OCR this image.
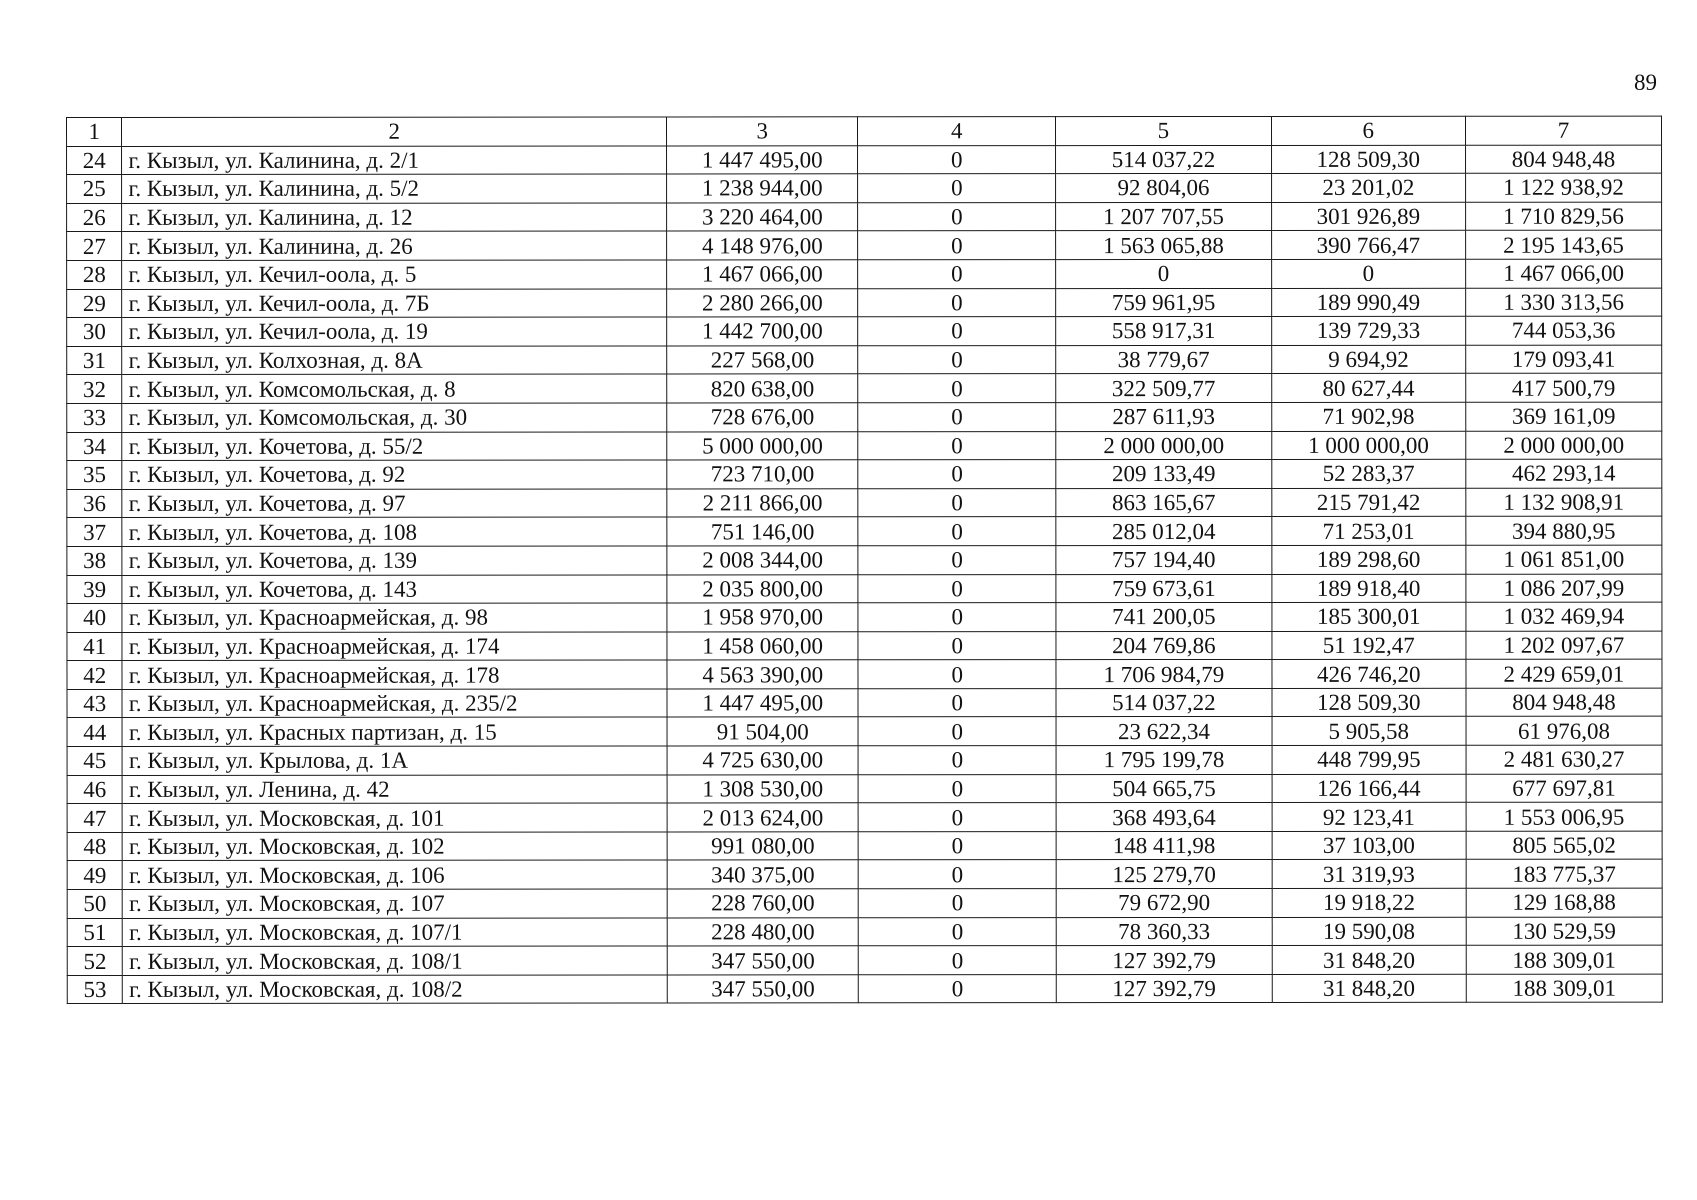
89
1	2	3	4	5	6	7
24	г. Кызыл, ул. Калинина, д. 2/1	1 447 495,00	0	514 037,22	128 509,30	804 948,48
25	г. Кызыл, ул. Калинина, д. 5/2	1 238 944,00	0	92 804,06	23 201,02	1 122 938,92
26	г. Кызыл, ул. Калинина, д. 12	3 220 464,00	0	1 207 707,55	301 926,89	1 710 829,56
27	г. Кызыл, ул. Калинина, д. 26	4 148 976,00	0	1 563 065,88	390 766,47	2 195 143,65
28	г. Кызыл, ул. Кечил-оола, д. 5	1 467 066,00	0	0	0	1 467 066,00
29	г. Кызыл, ул. Кечил-оола, д. 7Б	2 280 266,00	0	759 961,95	189 990,49	1 330 313,56
30	г. Кызыл, ул. Кечил-оола, д. 19	1 442 700,00	0	558 917,31	139 729,33	744 053,36
31	г. Кызыл, ул. Колхозная, д. 8А	227 568,00	0	38 779,67	9 694,92	179 093,41
32	г. Кызыл, ул. Комсомольская, д. 8	820 638,00	0	322 509,77	80 627,44	417 500,79
33	г. Кызыл, ул. Комсомольская, д. 30	728 676,00	0	287 611,93	71 902,98	369 161,09
34	г. Кызыл, ул. Кочетова, д. 55/2	5 000 000,00	0	2 000 000,00	1 000 000,00	2 000 000,00
35	г. Кызыл, ул. Кочетова, д. 92	723 710,00	0	209 133,49	52 283,37	462 293,14
36	г. Кызыл, ул. Кочетова, д. 97	2 211 866,00	0	863 165,67	215 791,42	1 132 908,91
37	г. Кызыл, ул. Кочетова, д. 108	751 146,00	0	285 012,04	71 253,01	394 880,95
38	г. Кызыл, ул. Кочетова, д. 139	2 008 344,00	0	757 194,40	189 298,60	1 061 851,00
39	г. Кызыл, ул. Кочетова, д. 143	2 035 800,00	0	759 673,61	189 918,40	1 086 207,99
40	г. Кызыл, ул. Красноармейская, д. 98	1 958 970,00	0	741 200,05	185 300,01	1 032 469,94
41	г. Кызыл, ул. Красноармейская, д. 174	1 458 060,00	0	204 769,86	51 192,47	1 202 097,67
42	г. Кызыл, ул. Красноармейская, д. 178	4 563 390,00	0	1 706 984,79	426 746,20	2 429 659,01
43	г. Кызыл, ул. Красноармейская, д. 235/2	1 447 495,00	0	514 037,22	128 509,30	804 948,48
44	г. Кызыл, ул. Красных партизан, д. 15	91 504,00	0	23 622,34	5 905,58	61 976,08
45	г. Кызыл, ул. Крылова, д. 1А	4 725 630,00	0	1 795 199,78	448 799,95	2 481 630,27
46	г. Кызыл, ул. Ленина, д. 42	1 308 530,00	0	504 665,75	126 166,44	677 697,81
47	г. Кызыл, ул. Московская, д. 101	2 013 624,00	0	368 493,64	92 123,41	1 553 006,95
48	г. Кызыл, ул. Московская, д. 102	991 080,00	0	148 411,98	37 103,00	805 565,02
49	г. Кызыл, ул. Московская, д. 106	340 375,00	0	125 279,70	31 319,93	183 775,37
50	г. Кызыл, ул. Московская, д. 107	228 760,00	0	79 672,90	19 918,22	129 168,88
51	г. Кызыл, ул. Московская, д. 107/1	228 480,00	0	78 360,33	19 590,08	130 529,59
52	г. Кызыл, ул. Московская, д. 108/1	347 550,00	0	127 392,79	31 848,20	188 309,01
53	г. Кызыл, ул. Московская, д. 108/2	347 550,00	0	127 392,79	31 848,20	188 309,01
